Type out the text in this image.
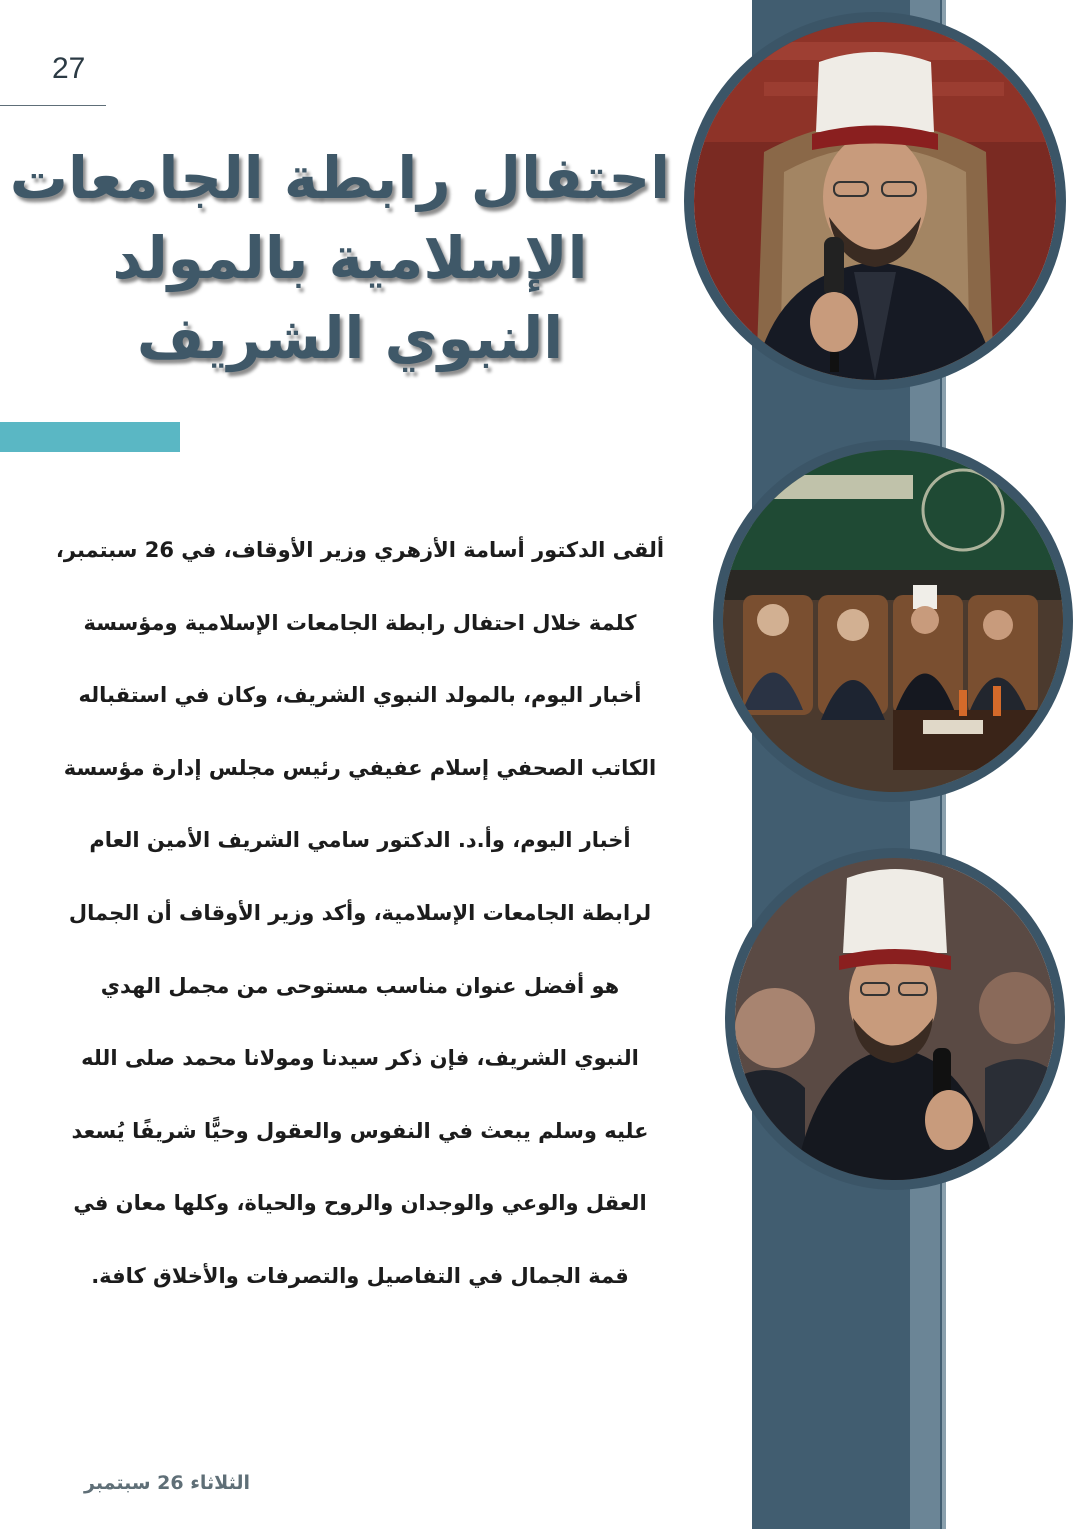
27
احتفال رابطة الجامعات
الإسلامية بالمولد
النبوي الشريف
ألقى الدكتور أسامة الأزهري وزير الأوقاف، في 26 سبتمبر،
كلمة خلال احتفال رابطة الجامعات الإسلامية ومؤسسة
أخبار اليوم، بالمولد النبوي الشريف، وكان في استقباله
الكاتب الصحفي إسلام عفيفي رئيس مجلس إدارة مؤسسة
أخبار اليوم، وأ.د. الدكتور سامي الشريف الأمين العام
لرابطة الجامعات الإسلامية، وأكد وزير الأوقاف أن الجمال
هو أفضل عنوان مناسب مستوحى من مجمل الهدي
النبوي الشريف، فإن ذكر سيدنا ومولانا محمد صلى الله
عليه وسلم يبعث في النفوس والعقول وحيًّا شريفًا يُسعد
العقل والوعي والوجدان والروح والحياة، وكلها معان في
قمة الجمال في التفاصيل والتصرفات والأخلاق كافة.
الثلاثاء 26 سبتمبر
